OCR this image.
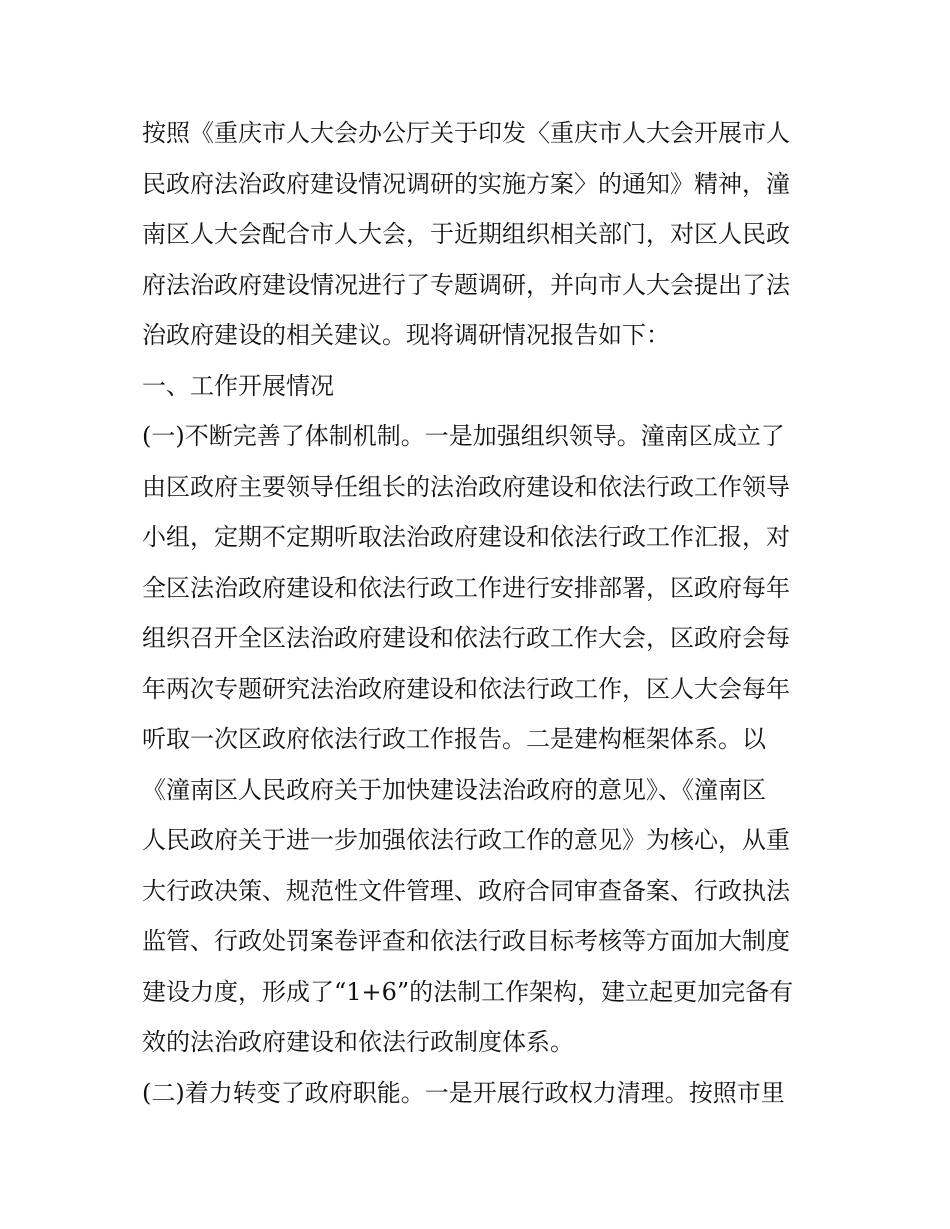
按照《重庆市人大会办公厅关于印发〈重庆市人大会开展市人
民政府法治政府建设情况调研的实施方案〉的通知》精神，潼
南区人大会配合市人大会，于近期组织相关部门，对区人民政
府法治政府建设情况进行了专题调研，并向市人大会提出了法
治政府建设的相关建议。现将调研情况报告如下：
一、工作开展情况
(一)不断完善了体制机制。一是加强组织领导。潼南区成立了
由区政府主要领导任组长的法治政府建设和依法行政工作领导
小组，定期不定期听取法治政府建设和依法行政工作汇报，对
全区法治政府建设和依法行政工作进行安排部署，区政府每年
组织召开全区法治政府建设和依法行政工作大会，区政府会每
年两次专题研究法治政府建设和依法行政工作，区人大会每年
听取一次区政府依法行政工作报告。二是建构框架体系。以
《潼南区人民政府关于加快建设法治政府的意见》、《潼南区
人民政府关于进一步加强依法行政工作的意见》为核心，从重
大行政决策、规范性文件管理、政府合同审查备案、行政执法
监管、行政处罚案卷评查和依法行政目标考核等方面加大制度
建设力度，形成了“1+6”的法制工作架构，建立起更加完备有
效的法治政府建设和依法行政制度体系。
(二)着力转变了政府职能。一是开展行政权力清理。按照市里
